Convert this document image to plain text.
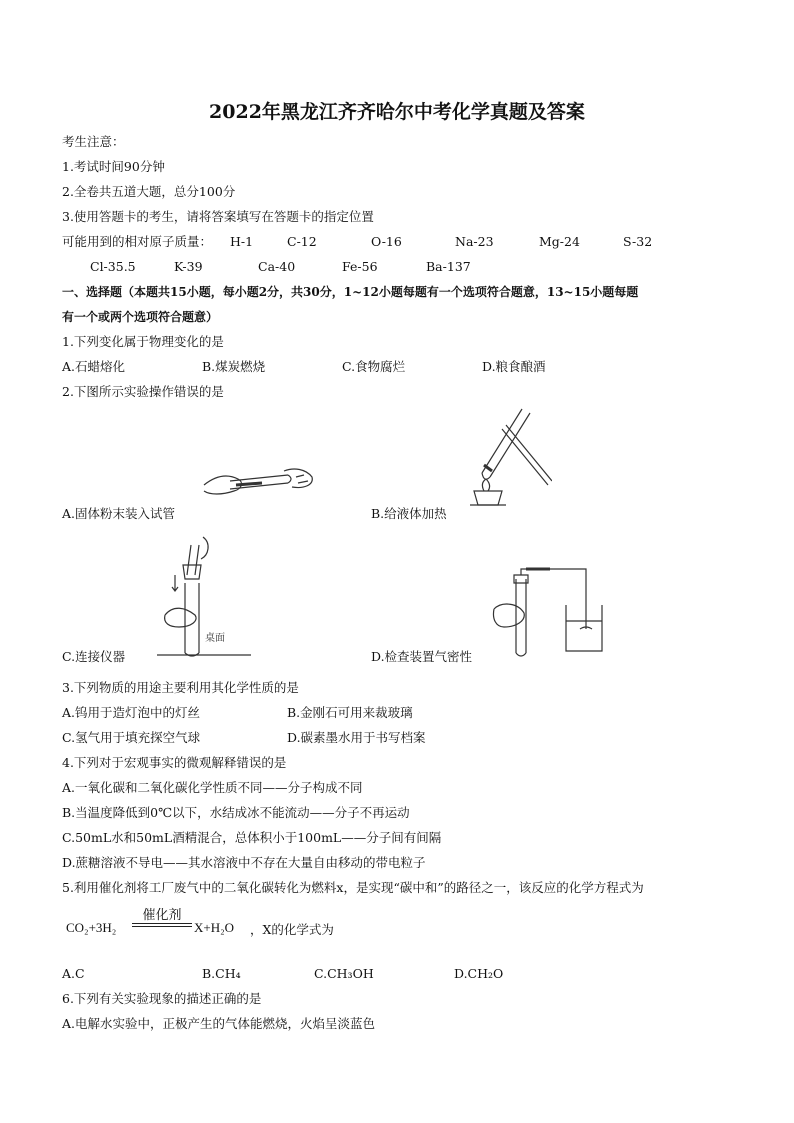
2022年黑龙江齐齐哈尔中考化学真题及答案
考生注意：
1.考试时间90分钟
2.全卷共五道大题，总分100分
3.使用答题卡的考生，请将答案填写在答题卡的指定位置
可能用到的相对原子质量： H-1	C-12	O-16	Na-23	Mg-24	S-32
Cl-35.5	K-39	Ca-40	Fe-56	Ba-137
一、选择题（本题共15小题，每小题2分，共30分，1~12小题每题有一个选项符合题意，13~15小题每题
有一个或两个选项符合题意）
1.下列变化属于物理变化的是
A.石蜡熔化	B.煤炭燃烧	C.食物腐烂	D.粮食酿酒
2.下图所示实验操作错误的是
A.固体粉末装入试管	B.给液体加热
桌面
C.连接仪器	D.检查装置气密性
3.下列物质的用途主要利用其化学性质的是
A.钨用于造灯泡中的灯丝	B.金刚石可用来裁玻璃
C.氢气用于填充探空气球	D.碳素墨水用于书写档案
4.下列对于宏观事实的微观解释错误的是
A.一氧化碳和二氧化碳化学性质不同——分子构成不同
B.当温度降低到0℃以下，水结成冰不能流动——分子不再运动
C.50mL水和50mL酒精混合，总体积小于100mL——分子间有间隔
D.蔗糖溶液不导电——其水溶液中不存在大量自由移动的带电粒子
5.利用催化剂将工厂废气中的二氧化碳转化为燃料x，是实现“碳中和”的路径之一，该反应的化学方程式为
CO₂+3H₂
催化剂
X+H₂O ，X的化学式为
A.C	B.CH₄	C.CH₃OH	D.CH₂O
6.下列有关实验现象的描述正确的是
A.电解水实验中，正极产生的气体能燃烧，火焰呈淡蓝色
